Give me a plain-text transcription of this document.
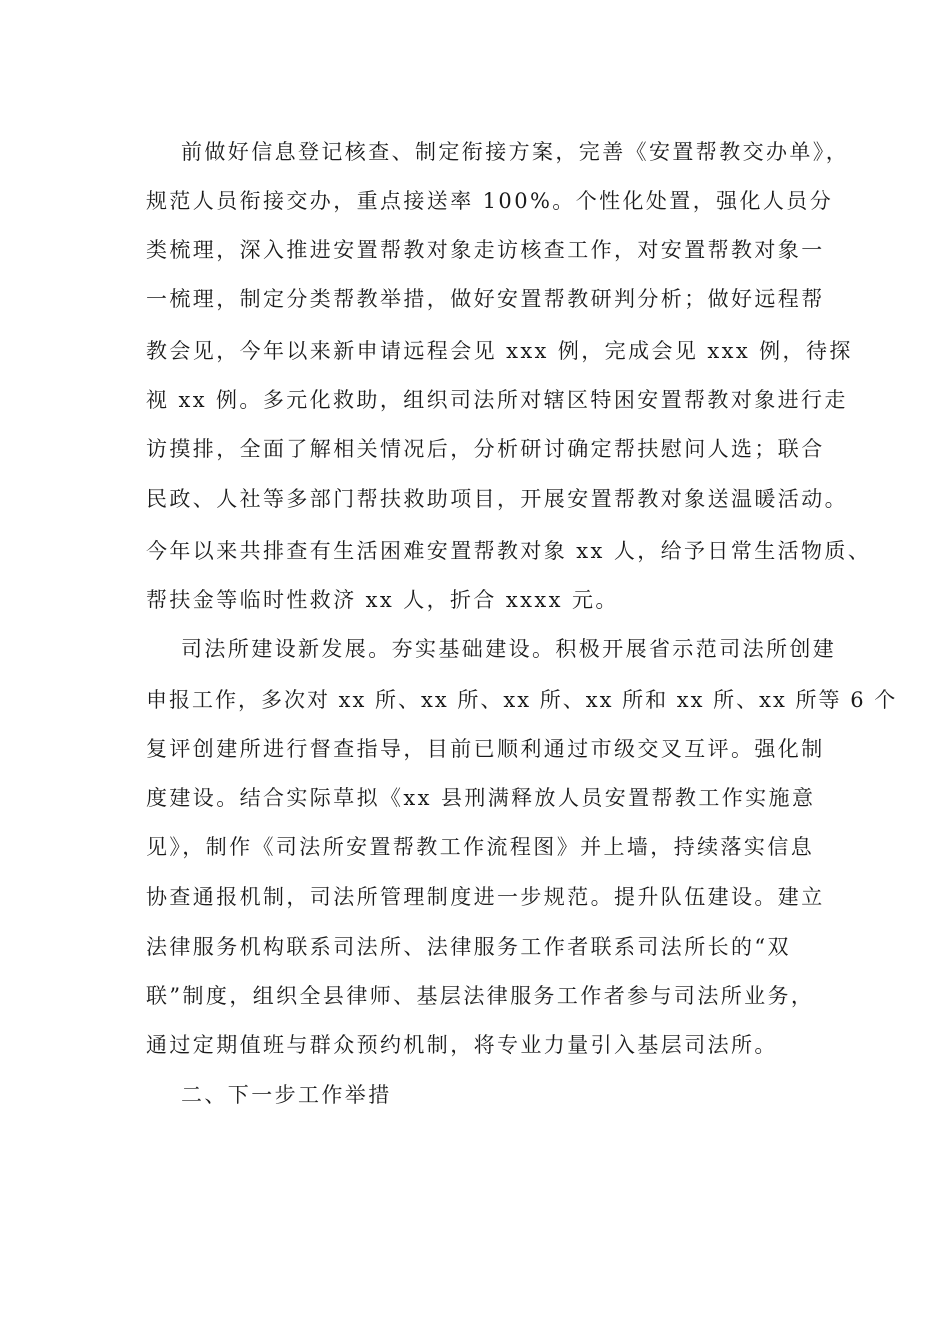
前做好信息登记核查、制定衔接方案，完善《安置帮教交办单》，
规范人员衔接交办，重点接送率 100%。个性化处置，强化人员分
类梳理，深入推进安置帮教对象走访核查工作，对安置帮教对象一
一梳理，制定分类帮教举措，做好安置帮教研判分析；做好远程帮
教会见，今年以来新申请远程会见 xxx 例，完成会见 xxx 例，待探
视 xx 例。多元化救助，组织司法所对辖区特困安置帮教对象进行走
访摸排，全面了解相关情况后，分析研讨确定帮扶慰问人选；联合
民政、人社等多部门帮扶救助项目，开展安置帮教对象送温暖活动。
今年以来共排查有生活困难安置帮教对象 xx 人，给予日常生活物质、
帮扶金等临时性救济 xx 人，折合 xxxx 元。
司法所建设新发展。夯实基础建设。积极开展省示范司法所创建
申报工作，多次对 xx 所、xx 所、xx 所、xx 所和 xx 所、xx 所等 6 个
复评创建所进行督查指导，目前已顺利通过市级交叉互评。强化制
度建设。结合实际草拟《xx 县刑满释放人员安置帮教工作实施意
见》，制作《司法所安置帮教工作流程图》并上墙，持续落实信息
协查通报机制，司法所管理制度进一步规范。提升队伍建设。建立
法律服务机构联系司法所、法律服务工作者联系司法所长的“双
联”制度，组织全县律师、基层法律服务工作者参与司法所业务，
通过定期值班与群众预约机制，将专业力量引入基层司法所。
二、下一步工作举措
